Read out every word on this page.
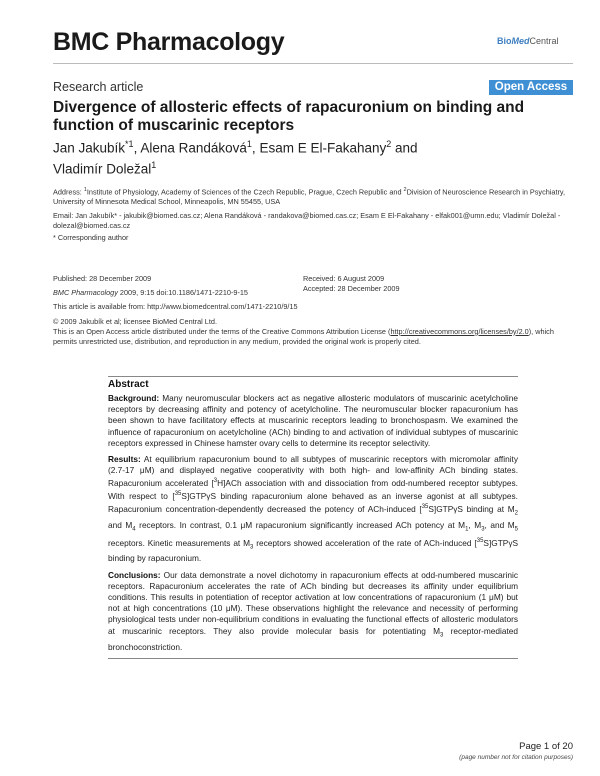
BMC Pharmacology	BioMedCentral
Research article	Open Access
Divergence of allosteric effects of rapacuronium on binding and function of muscarinic receptors
Jan Jakubík$^{*1}$, Alena Randáková$^1$, Esam E El-Fakahany$^2$ and
Vladimír Doležal$^1$
Address: $^1$Institute of Physiology, Academy of Sciences of the Czech Republic, Prague, Czech Republic and $^2$Division of Neuroscience Research in Psychiatry, University of Minnesota Medical School, Minneapolis, MN 55455, USA
Email: Jan Jakubík* - jakubik@biomed.cas.cz; Alena Randáková - randakova@biomed.cas.cz; Esam E El-Fakahany - elfak001@umn.edu; Vladimír Doležal - dolezal@biomed.cas.cz
* Corresponding author
Published: 28 December 2009
BMC Pharmacology 2009, 9:15 doi:10.1186/1471-2210-9-15
Received: 6 August 2009
Accepted: 28 December 2009
This article is available from: http://www.biomedcentral.com/1471-2210/9/15
© 2009 Jakubík et al; licensee BioMed Central Ltd.
This is an Open Access article distributed under the terms of the Creative Commons Attribution License (http://creativecommons.org/licenses/by/2.0), which permits unrestricted use, distribution, and reproduction in any medium, provided the original work is properly cited.
Abstract

Background: Many neuromuscular blockers act as negative allosteric modulators of muscarinic acetylcholine receptors by decreasing affinity and potency of acetylcholine. The neuromuscular blocker rapacuronium has been shown to have facilitatory effects at muscarinic receptors leading to bronchospasm. We examined the influence of rapacuronium on acetylcholine (ACh) binding to and activation of individual subtypes of muscarinic receptors expressed in Chinese hamster ovary cells to determine its receptor selectivity.

Results: At equilibrium rapacuronium bound to all subtypes of muscarinic receptors with micromolar affinity (2.7-17 μM) and displayed negative cooperativity with both high- and low-affinity ACh binding states. Rapacuronium accelerated [$^3$H]ACh association with and dissociation from odd-numbered receptor subtypes. With respect to [$^{35}$S]GTPγS binding rapacuronium alone behaved as an inverse agonist at all subtypes. Rapacuronium concentration-dependently decreased the potency of ACh-induced [$^{35}$S]GTPγS binding at $M_2$ and $M_4$ receptors. In contrast, 0.1 μM rapacuronium significantly increased ACh potency at $M_1$, $M_3$, and $M_5$ receptors. Kinetic measurements at $M_3$ receptors showed acceleration of the rate of ACh-induced [$^{35}$S]GTPγS binding by rapacuronium.

Conclusions: Our data demonstrate a novel dichotomy in rapacuronium effects at odd-numbered muscarinic receptors. Rapacuronium accelerates the rate of ACh binding but decreases its affinity under equilibrium conditions. This results in potentiation of receptor activation at low concentrations of rapacuronium (1 μM) but not at high concentrations (10 μM). These observations highlight the relevance and necessity of performing physiological tests under non-equilibrium conditions in evaluating the functional effects of allosteric modulators at muscarinic receptors. They also provide molecular basis for potentiating $M_3$ receptor-mediated bronchoconstriction.

Page 1 of 20
(page number not for citation purposes)
